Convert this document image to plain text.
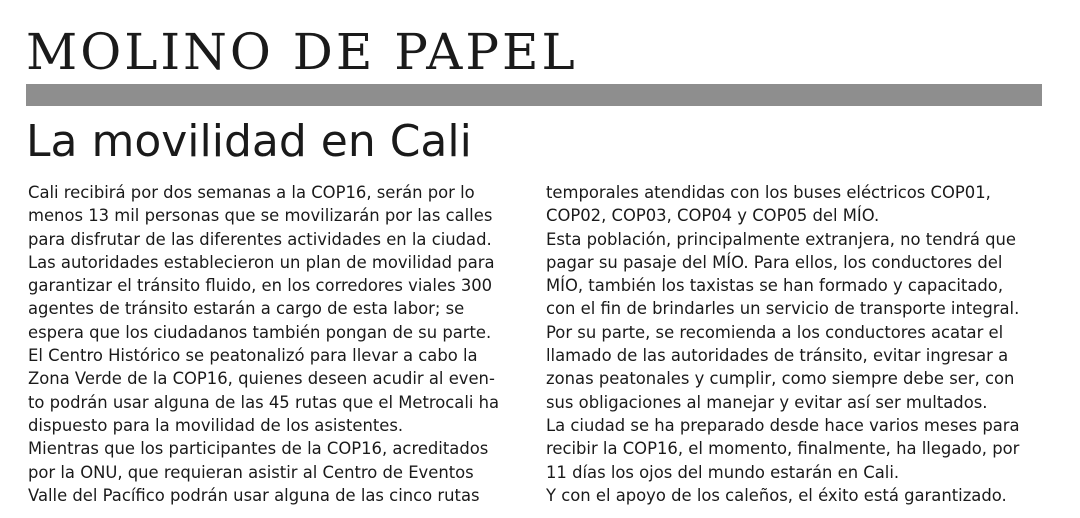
MOLINO DE PAPEL
La movilidad en Cali
Cali recibirá por dos semanas a la COP16, serán por lo
menos 13 mil personas que se movilizarán por las calles
para disfrutar de las diferentes actividades en la ciudad.
Las autoridades establecieron un plan de movilidad para
garantizar el tránsito fluido, en los corredores viales 300
agentes de tránsito estarán a cargo de esta labor; se
espera que los ciudadanos también pongan de su parte.
El Centro Histórico se peatonalizó para llevar a cabo la
Zona Verde de la COP16, quienes deseen acudir al even-
to podrán usar alguna de las 45 rutas que el Metrocali ha
dispuesto para la movilidad de los asistentes.
Mientras que los participantes de la COP16, acreditados
por la ONU, que requieran asistir al Centro de Eventos
Valle del Pacífico podrán usar alguna de las cinco rutas
temporales atendidas con los buses eléctricos COP01,
COP02, COP03, COP04 y COP05 del MÍO.
Esta población, principalmente extranjera, no tendrá que
pagar su pasaje del MÍO. Para ellos, los conductores del
MÍO, también los taxistas se han formado y capacitado,
con el fin de brindarles un servicio de transporte integral.
Por su parte, se recomienda a los conductores acatar el
llamado de las autoridades de tránsito, evitar ingresar a
zonas peatonales y cumplir, como siempre debe ser, con
sus obligaciones al manejar y evitar así ser multados.
La ciudad se ha preparado desde hace varios meses para
recibir la COP16, el momento, finalmente, ha llegado, por
11 días los ojos del mundo estarán en Cali.
Y con el apoyo de los caleños, el éxito está garantizado.
